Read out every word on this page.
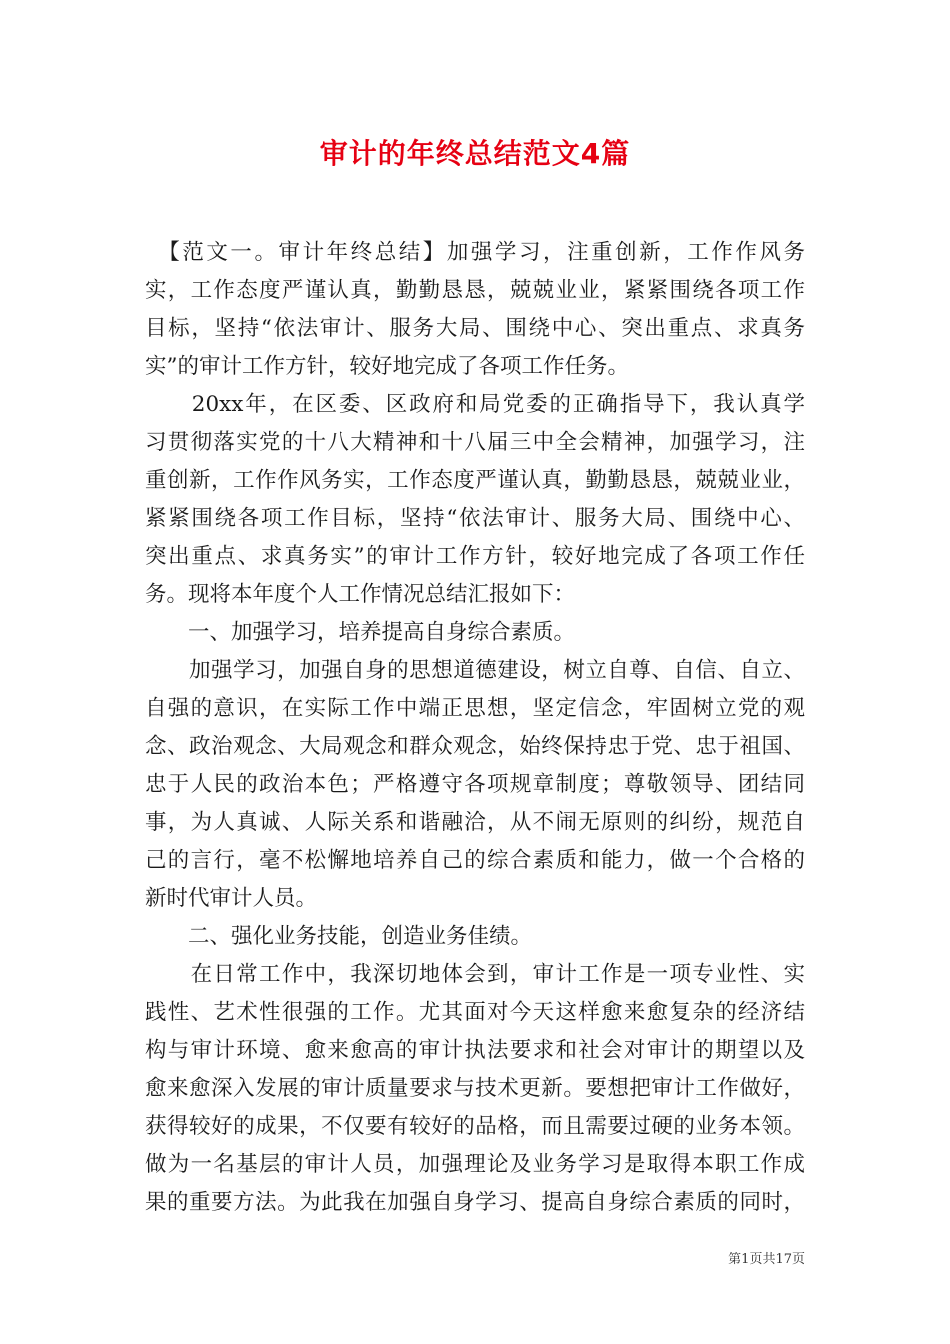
审计的年终总结范文4篇
　【范文一。审计年终总结】加强学习，注重创新，工作作风务
实，工作态度严谨认真，勤勤恳恳，兢兢业业，紧紧围绕各项工作
目标，坚持“依法审计、服务大局、围绕中心、突出重点、求真务
实”的审计工作方针，较好地完成了各项工作任务。
　　20xx年，在区委、区政府和局党委的正确指导下，我认真学
习贯彻落实党的十八大精神和十八届三中全会精神，加强学习，注
重创新，工作作风务实，工作态度严谨认真，勤勤恳恳，兢兢业业，
紧紧围绕各项工作目标，坚持“依法审计、服务大局、围绕中心、
突出重点、求真务实”的审计工作方针，较好地完成了各项工作任
务。现将本年度个人工作情况总结汇报如下：
　　一、加强学习，培养提高自身综合素质。
　　加强学习，加强自身的思想道德建设，树立自尊、自信、自立、
自强的意识，在实际工作中端正思想，坚定信念，牢固树立党的观
念、政治观念、大局观念和群众观念，始终保持忠于党、忠于祖国、
忠于人民的政治本色；严格遵守各项规章制度；尊敬领导、团结同
事，为人真诚、人际关系和谐融洽，从不闹无原则的纠纷，规范自
己的言行，毫不松懈地培养自己的综合素质和能力，做一个合格的
新时代审计人员。
　　二、强化业务技能，创造业务佳绩。
　　在日常工作中，我深切地体会到，审计工作是一项专业性、实
践性、艺术性很强的工作。尤其面对今天这样愈来愈复杂的经济结
构与审计环境、愈来愈高的审计执法要求和社会对审计的期望以及
愈来愈深入发展的审计质量要求与技术更新。要想把审计工作做好，
获得较好的成果，不仅要有较好的品格，而且需要过硬的业务本领。
做为一名基层的审计人员，加强理论及业务学习是取得本职工作成
果的重要方法。为此我在加强自身学习、提高自身综合素质的同时，
第1页共17页
